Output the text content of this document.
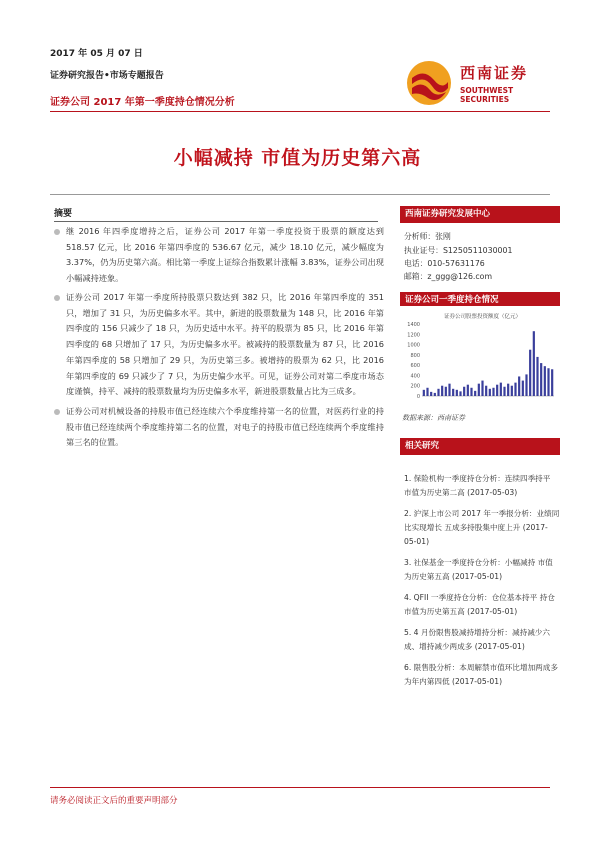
2017 年 05 月 07 日
证券研究报告•市场专题报告
证券公司 2017 年第一季度持仓情况分析
西南证券
SOUTHWEST SECURITIES
小幅减持 市值为历史第六高
摘要
继 2016 年四季度增持之后，证券公司 2017 年第一季度投资于股票的额度达到 518.57 亿元，比 2016 年第四季度的 536.67 亿元，减少 18.10 亿元，减少幅度为 3.37%，仍为历史第六高。相比第一季度上证综合指数累计涨幅 3.83%，证券公司出现小幅减持迹象。
证券公司 2017 年第一季度所持股票只数达到 382 只，比 2016 年第四季度的 351 只，增加了 31 只，为历史偏多水平。其中，新进的股票数量为 148 只，比 2016 年第四季度的 156 只减少了 18 只，为历史适中水平。持平的股票为 85 只，比 2016 年第四季度的 68 只增加了 17 只，为历史偏多水平。被减持的股票数量为 87 只，比 2016 年第四季度的 58 只增加了 29 只，为历史第三多。被增持的股票为 62 只，比 2016 年第四季度的 69 只减少了 7 只，为历史偏少水平。可见，证券公司对第二季度市场态度谨慎，持平、减持的股票数量均为历史偏多水平，新进股票数量占比为三成多。
证券公司对机械设备的持股市值已经连续六个季度维持第一名的位置，对医药行业的持股市值已经连续两个季度维持第二名的位置，对电子的持股市值已经连续两个季度维持第三名的位置。
西南证券研究发展中心
分析师：张刚
执业证号：S1250511030001
电话：010-57631176
邮箱：z_ggg@126.com
证券公司一季度持仓情况
证券公司股票投资额度（亿元）
1400
1200
1000
800
600
400
200
0
数据来源：西南证券
相关研究
1. 保险机构一季度持仓分析：连续四季持平 市值为历史第二高 (2017-05-03)
2. 沪深上市公司 2017 年一季报分析：业绩同比实现增长 五成多持股集中度上升 (2017-05-01)
3. 社保基金一季度持仓分析：小幅减持 市值为历史第五高 (2017-05-01)
4. QFII 一季度持仓分析：仓位基本持平 持仓市值为历史第五高 (2017-05-01)
5. 4 月份限售股减持增持分析：减持减少六成、增持减少两成多 (2017-05-01)
6. 限售股分析：本周解禁市值环比增加两成多 为年内第四低 (2017-05-01)
请务必阅读正文后的重要声明部分
